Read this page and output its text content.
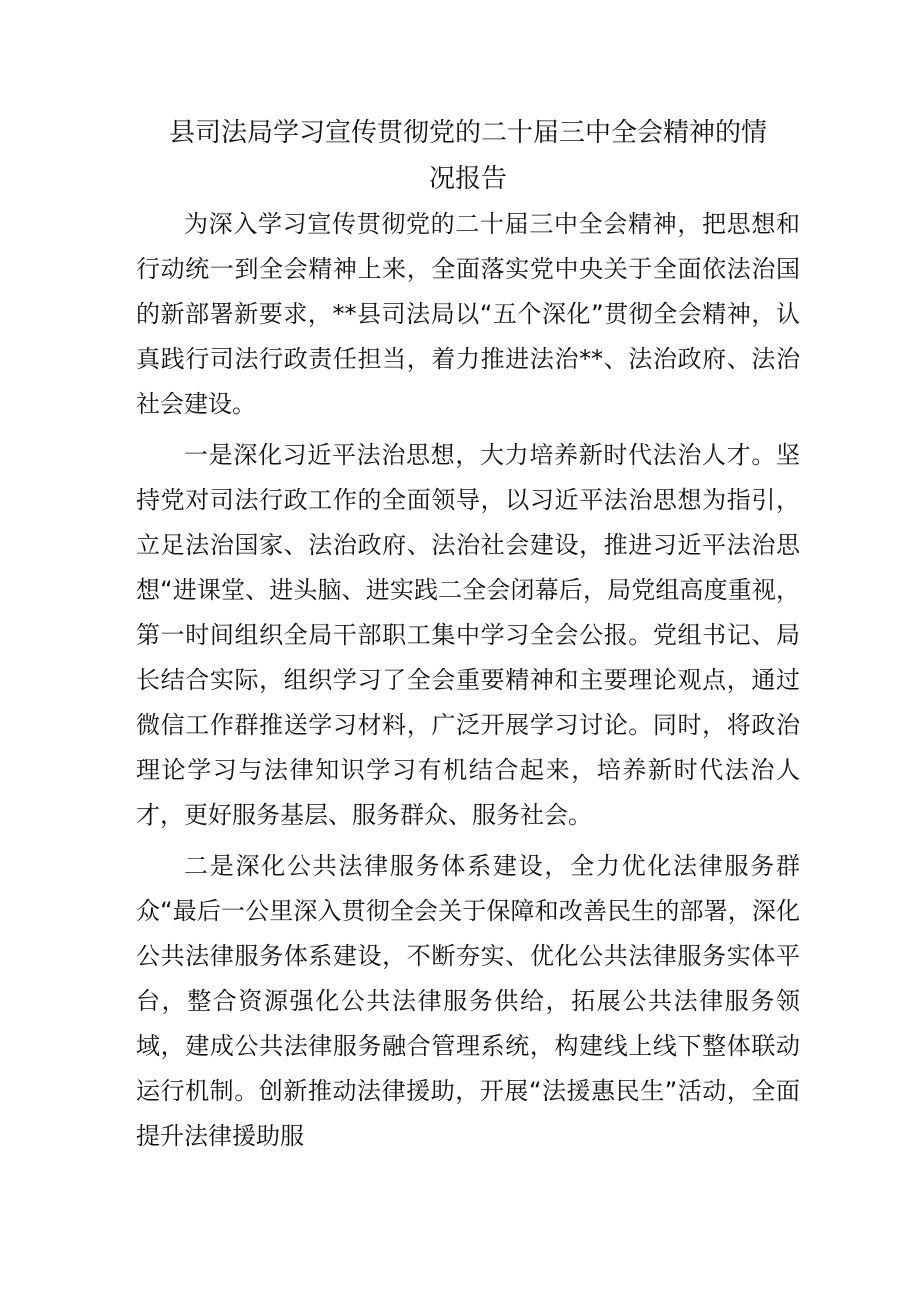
县司法局学习宣传贯彻党的二十届三中全会精神的情
况报告

为深入学习宣传贯彻党的二十届三中全会精神，把思想和行动统一到全会精神上来，全面落实党中央关于全面依法治国的新部署新要求，**县司法局以“五个深化”贯彻全会精神，认真践行司法行政责任担当，着力推进法治**、法治政府、法治社会建设。

一是深化习近平法治思想，大力培养新时代法治人才。坚持党对司法行政工作的全面领导，以习近平法治思想为指引，立足法治国家、法治政府、法治社会建设，推进习近平法治思想“进课堂、进头脑、进实践二全会闭幕后，局党组高度重视，第一时间组织全局干部职工集中学习全会公报。党组书记、局长结合实际，组织学习了全会重要精神和主要理论观点，通过微信工作群推送学习材料，广泛开展学习讨论。同时，将政治理论学习与法律知识学习有机结合起来，培养新时代法治人才，更好服务基层、服务群众、服务社会。

二是深化公共法律服务体系建设，全力优化法律服务群众“最后一公里深入贯彻全会关于保障和改善民生的部署，深化公共法律服务体系建设，不断夯实、优化公共法律服务实体平台，整合资源强化公共法律服务供给，拓展公共法律服务领域，建成公共法律服务融合管理系统，构建线上线下整体联动运行机制。创新推动法律援助，开展“法援惠民生”活动，全面提升法律援助服
